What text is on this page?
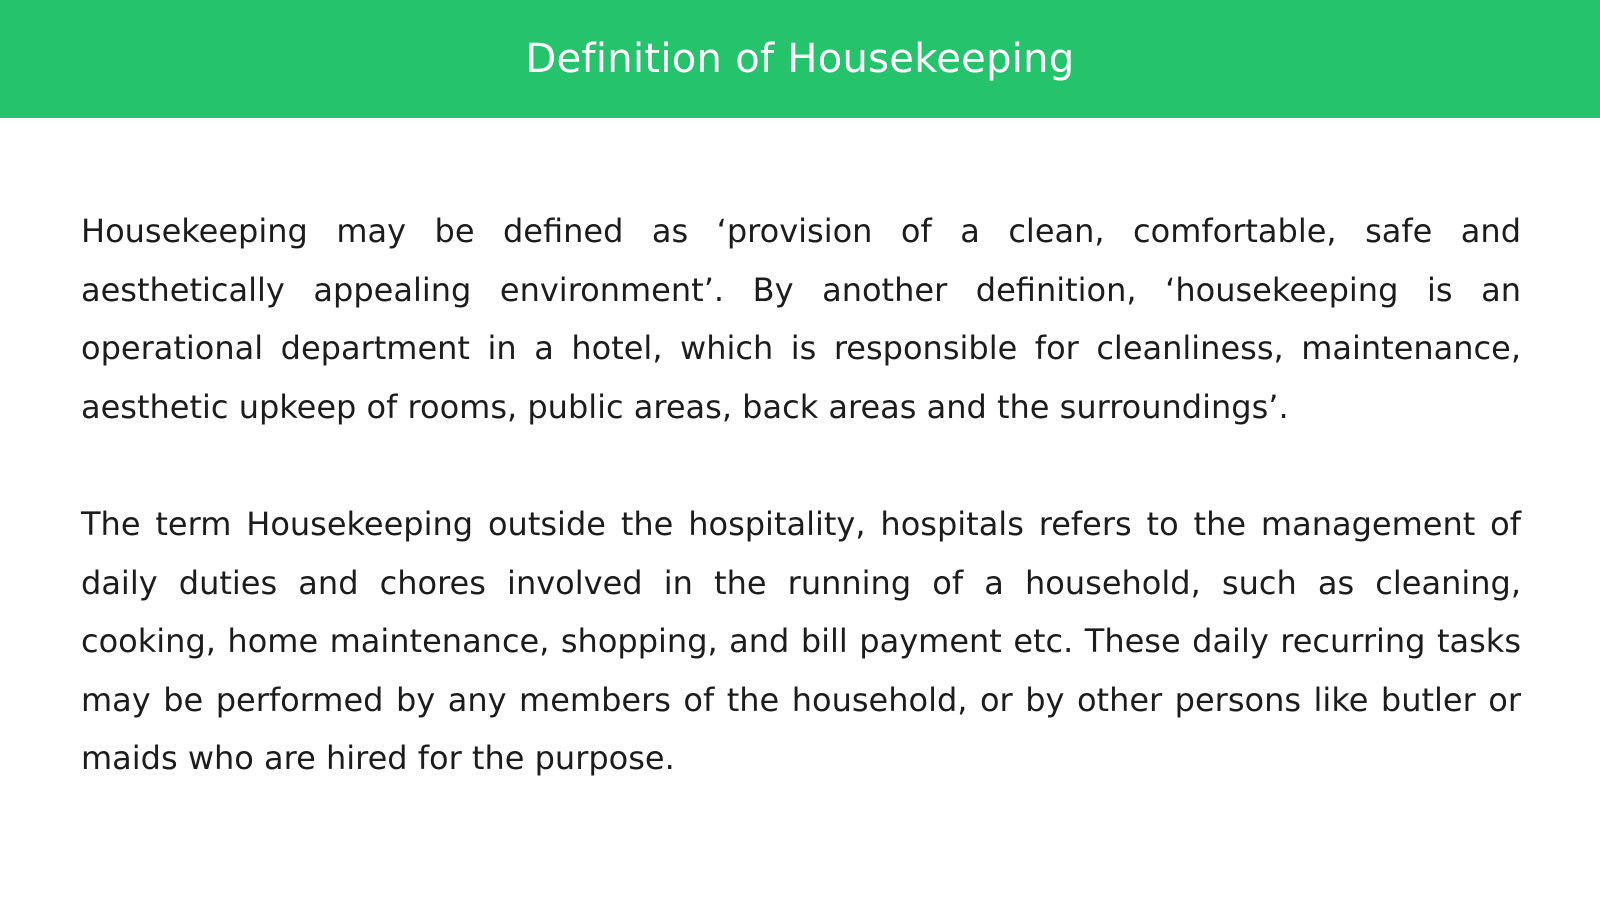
Definition of Housekeeping

Housekeeping may be defined as ‘provision of a clean, comfortable, safe and aesthetically appealing environment’. By another definition, ‘housekeeping is an operational department in a hotel, which is responsible for cleanliness, maintenance, aesthetic upkeep of rooms, public areas, back areas and the surroundings’.

The term Housekeeping outside the hospitality, hospitals refers to the management of daily duties and chores involved in the running of a household, such as cleaning, cooking, home maintenance, shopping, and bill payment etc. These daily recurring tasks may be performed by any members of the household, or by other persons like butler or maids who are hired for the purpose.
